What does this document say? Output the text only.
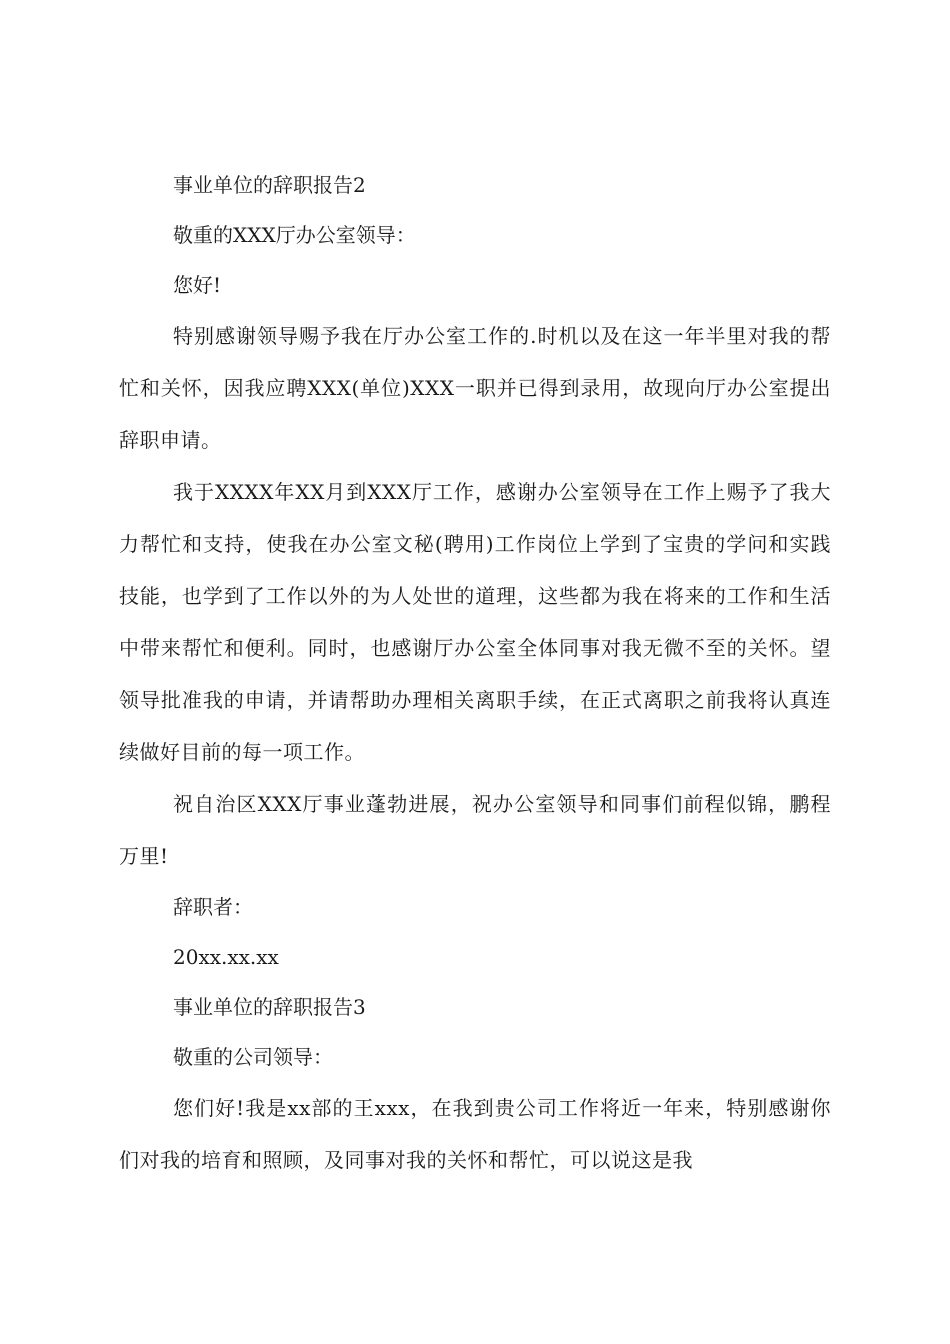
事业单位的辞职报告2

敬重的XXX厅办公室领导：

您好!

特别感谢领导赐予我在厅办公室工作的.时机以及在这一年半里对我的帮忙和关怀，因我应聘XXX(单位)XXX一职并已得到录用，故现向厅办公室提出辞职申请。

我于XXXX年XX月到XXX厅工作，感谢办公室领导在工作上赐予了我大力帮忙和支持，使我在办公室文秘(聘用)工作岗位上学到了宝贵的学问和实践技能，也学到了工作以外的为人处世的道理，这些都为我在将来的工作和生活中带来帮忙和便利。同时，也感谢厅办公室全体同事对我无微不至的关怀。望领导批准我的申请，并请帮助办理相关离职手续，在正式离职之前我将认真连续做好目前的每一项工作。

祝自治区XXX厅事业蓬勃进展，祝办公室领导和同事们前程似锦，鹏程万里!

辞职者：

20xx.xx.xx

事业单位的辞职报告3

敬重的公司领导：

您们好!我是xx部的王xxx，在我到贵公司工作将近一年来，特别感谢你们对我的培育和照顾，及同事对我的关怀和帮忙，可以说这是我
